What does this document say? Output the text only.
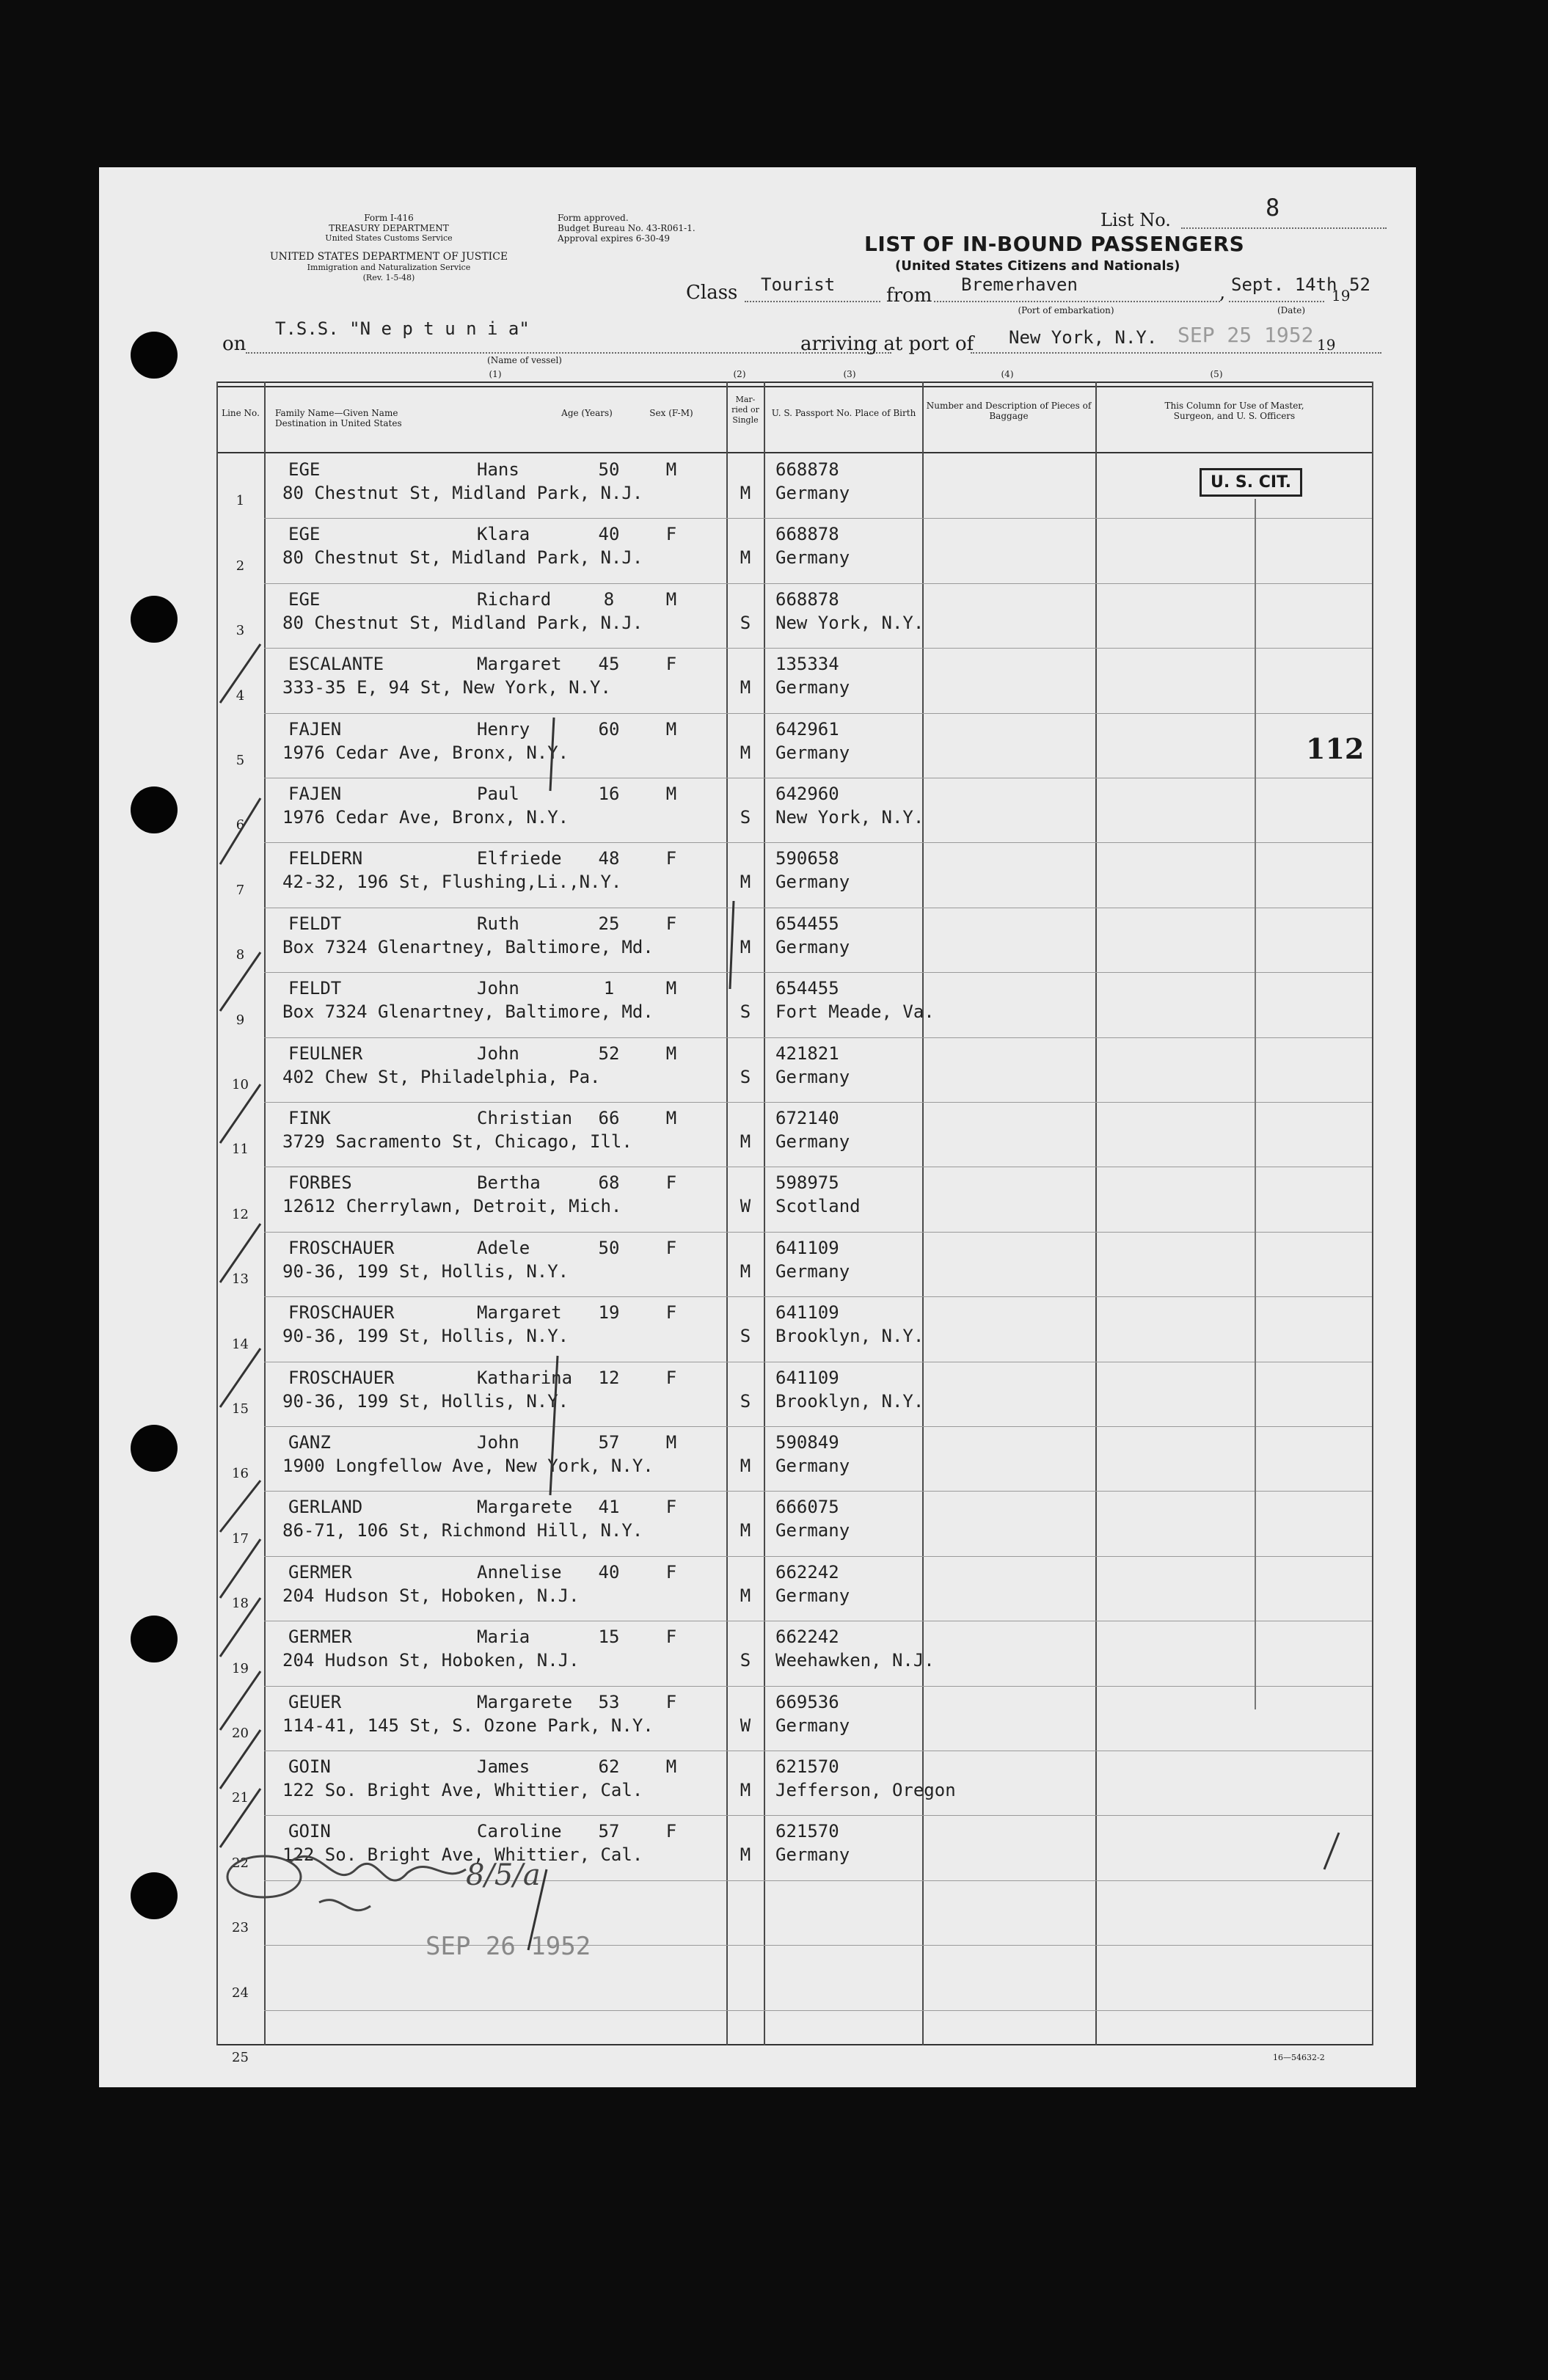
Form I-416
TREASURY DEPARTMENT
United States Customs Service
UNITED STATES DEPARTMENT OF JUSTICE
Immigration and Naturalization Service
(Rev. 1-5-48)
Form approved.
Budget Bureau No. 43-R061-1.
Approval expires 6-30-49
List No.	8
LIST OF IN-BOUND PASSENGERS
(United States Citizens and Nationals)
Class Tourist	from Bremerhaven
(Port of embarkation)
, Sept. 14th
19
52
(Date)
on
T.S.S. "N e p t u n i a"
(Name of vessel)
arriving at port of New York, N.Y. SEP 25 1952 19
(1)	(2)	(3)	(4)	(5)
Line No. Family Name—Given Name
Destination in United States
Age (Years)	Sex (F-M)
Mar-ried or Single
U. S. Passport No. Place of Birth
Number and Description of Pieces of Baggage
This Column for Use of Master, Surgeon, and U. S. Officers
1
EGE	Hans	50	M
80 Chestnut St, Midland Park, N.J.	M
668878
Germany
2
EGE	Klara	40	F
80 Chestnut St, Midland Park, N.J.	M
668878
Germany
3
EGE	Richard	8	M
80 Chestnut St, Midland Park, N.J.	S
668878
New York, N.Y.
4
ESCALANTE	Margaret	45	F
333-35 E, 94 St, New York, N.Y.	M
135334
Germany
5
FAJEN	Henry	60	M
1976 Cedar Ave, Bronx, N.Y.	M
642961
Germany
6
FAJEN	Paul	16	M
1976 Cedar Ave, Bronx, N.Y.	S
642960
New York, N.Y.
7
FELDERN	Elfriede	48	F
42-32, 196 St, Flushing,Li.,N.Y.	M
590658
Germany
8
FELDT	Ruth	25	F
Box 7324 Glenartney, Baltimore, Md.	M
654455
Germany
9
FELDT	John	1	M
Box 7324 Glenartney, Baltimore, Md.	S
654455
Fort Meade, Va.
10
FEULNER	John	52	M
402 Chew St, Philadelphia, Pa.	S
421821
Germany
11
FINK	Christian	66	M
3729 Sacramento St, Chicago, Ill.	M
672140
Germany
12
FORBES	Bertha	68	F
12612 Cherrylawn, Detroit, Mich.	W
598975
Scotland
13
FROSCHAUER	Adele	50	F
90-36, 199 St, Hollis, N.Y.	M
641109
Germany
14
FROSCHAUER	Margaret	19	F
90-36, 199 St, Hollis, N.Y.	S
641109
Brooklyn, N.Y.
15
FROSCHAUER	Katharina	12	F
90-36, 199 St, Hollis, N.Y.	S
641109
Brooklyn, N.Y.
16
GANZ	John	57	M
1900 Longfellow Ave, New York, N.Y.	M
590849
Germany
17
GERLAND	Margarete	41	F
86-71, 106 St, Richmond Hill, N.Y.	M
666075
Germany
18
GERMER	Annelise	40	F
204 Hudson St, Hoboken, N.J.	M
662242
Germany
19
GERMER	Maria	15	F
204 Hudson St, Hoboken, N.J.	S
662242
Weehawken, N.J.
20
GEUER	Margarete	53	F
114-41, 145 St, S. Ozone Park, N.Y.	W
669536
Germany
21
GOIN	James	62	M
122 So. Bright Ave, Whittier, Cal.	M
621570
Jefferson, Oregon
22
GOIN	Caroline	57	F
122 So. Bright Ave, Whittier, Cal.	M
621570
Germany
23
24
25
U. S. CIT.
112
8/5/a
SEP 26 1952
16—54632-2
